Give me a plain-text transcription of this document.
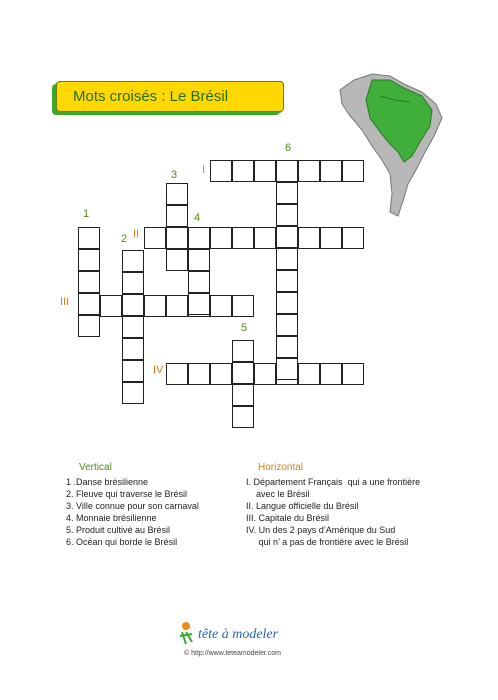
Mots croisés : Le Brésil
1
2
3
4
5
6
I
II
III
IV
Vertical
1 .Danse brésilienne
2. Fleuve qui traverse le Brésil
3. Ville connue pour son carnaval
4. Monnaie brésilienne
5. Produit cultivé au Brésil
6. Océan qui borde le Brésil
Horizontal
I. Département Français  qui a une frontière
avec le Brésil
II. Langue officielle du Brésil
III. Capitale du Brésil
IV. Un des 2 pays d’Amérique du Sud
qui n’ a pas de frontière avec le Brésil
tête à modeler
© http://www.teteamodeler.com
